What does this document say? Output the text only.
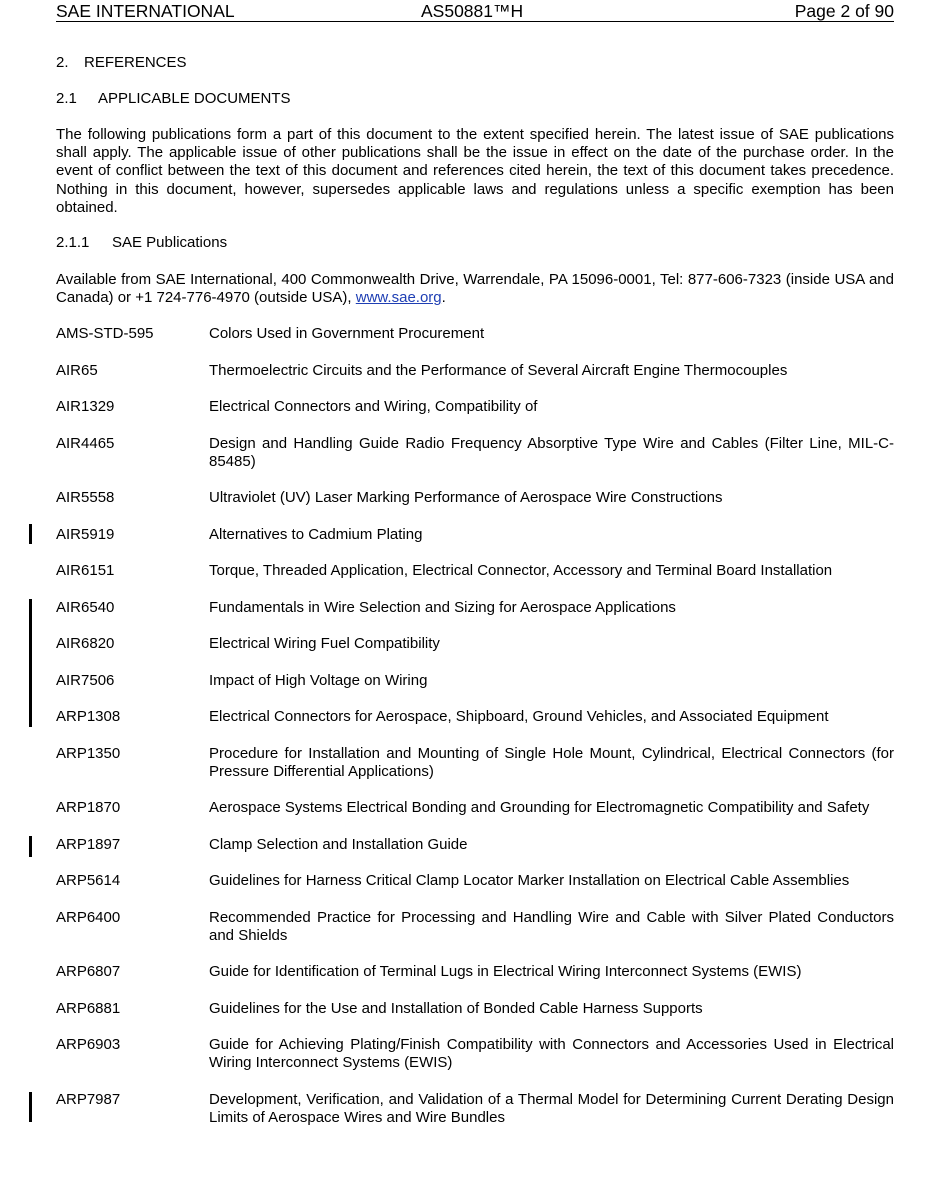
SAE INTERNATIONAL	AS50881™H	Page 2 of 90
2. REFERENCES
2.1 APPLICABLE DOCUMENTS
The following publications form a part of this document to the extent specified herein. The latest issue of SAE publications shall apply. The applicable issue of other publications shall be the issue in effect on the date of the purchase order. In the event of conflict between the text of this document and references cited herein, the text of this document takes precedence. Nothing in this document, however, supersedes applicable laws and regulations unless a specific exemption has been obtained.
2.1.1 SAE Publications
Available from SAE International, 400 Commonwealth Drive, Warrendale, PA 15096-0001, Tel: 877-606-7323 (inside USA and Canada) or +1 724-776-4970 (outside USA), www.sae.org.
AMS-STD-595	Colors Used in Government Procurement
AIR65	Thermoelectric Circuits and the Performance of Several Aircraft Engine Thermocouples
AIR1329	Electrical Connectors and Wiring, Compatibility of
AIR4465	Design and Handling Guide Radio Frequency Absorptive Type Wire and Cables (Filter Line, MIL-C-85485)
AIR5558	Ultraviolet (UV) Laser Marking Performance of Aerospace Wire Constructions
AIR5919	Alternatives to Cadmium Plating
AIR6151	Torque, Threaded Application, Electrical Connector, Accessory and Terminal Board Installation
AIR6540	Fundamentals in Wire Selection and Sizing for Aerospace Applications
AIR6820	Electrical Wiring Fuel Compatibility
AIR7506	Impact of High Voltage on Wiring
ARP1308	Electrical Connectors for Aerospace, Shipboard, Ground Vehicles, and Associated Equipment
ARP1350	Procedure for Installation and Mounting of Single Hole Mount, Cylindrical, Electrical Connectors (for Pressure Differential Applications)
ARP1870	Aerospace Systems Electrical Bonding and Grounding for Electromagnetic Compatibility and Safety
ARP1897	Clamp Selection and Installation Guide
ARP5614	Guidelines for Harness Critical Clamp Locator Marker Installation on Electrical Cable Assemblies
ARP6400	Recommended Practice for Processing and Handling Wire and Cable with Silver Plated Conductors and Shields
ARP6807	Guide for Identification of Terminal Lugs in Electrical Wiring Interconnect Systems (EWIS)
ARP6881	Guidelines for the Use and Installation of Bonded Cable Harness Supports
ARP6903	Guide for Achieving Plating/Finish Compatibility with Connectors and Accessories Used in Electrical Wiring Interconnect Systems (EWIS)
ARP7987	Development, Verification, and Validation of a Thermal Model for Determining Current Derating Design Limits of Aerospace Wires and Wire Bundles
